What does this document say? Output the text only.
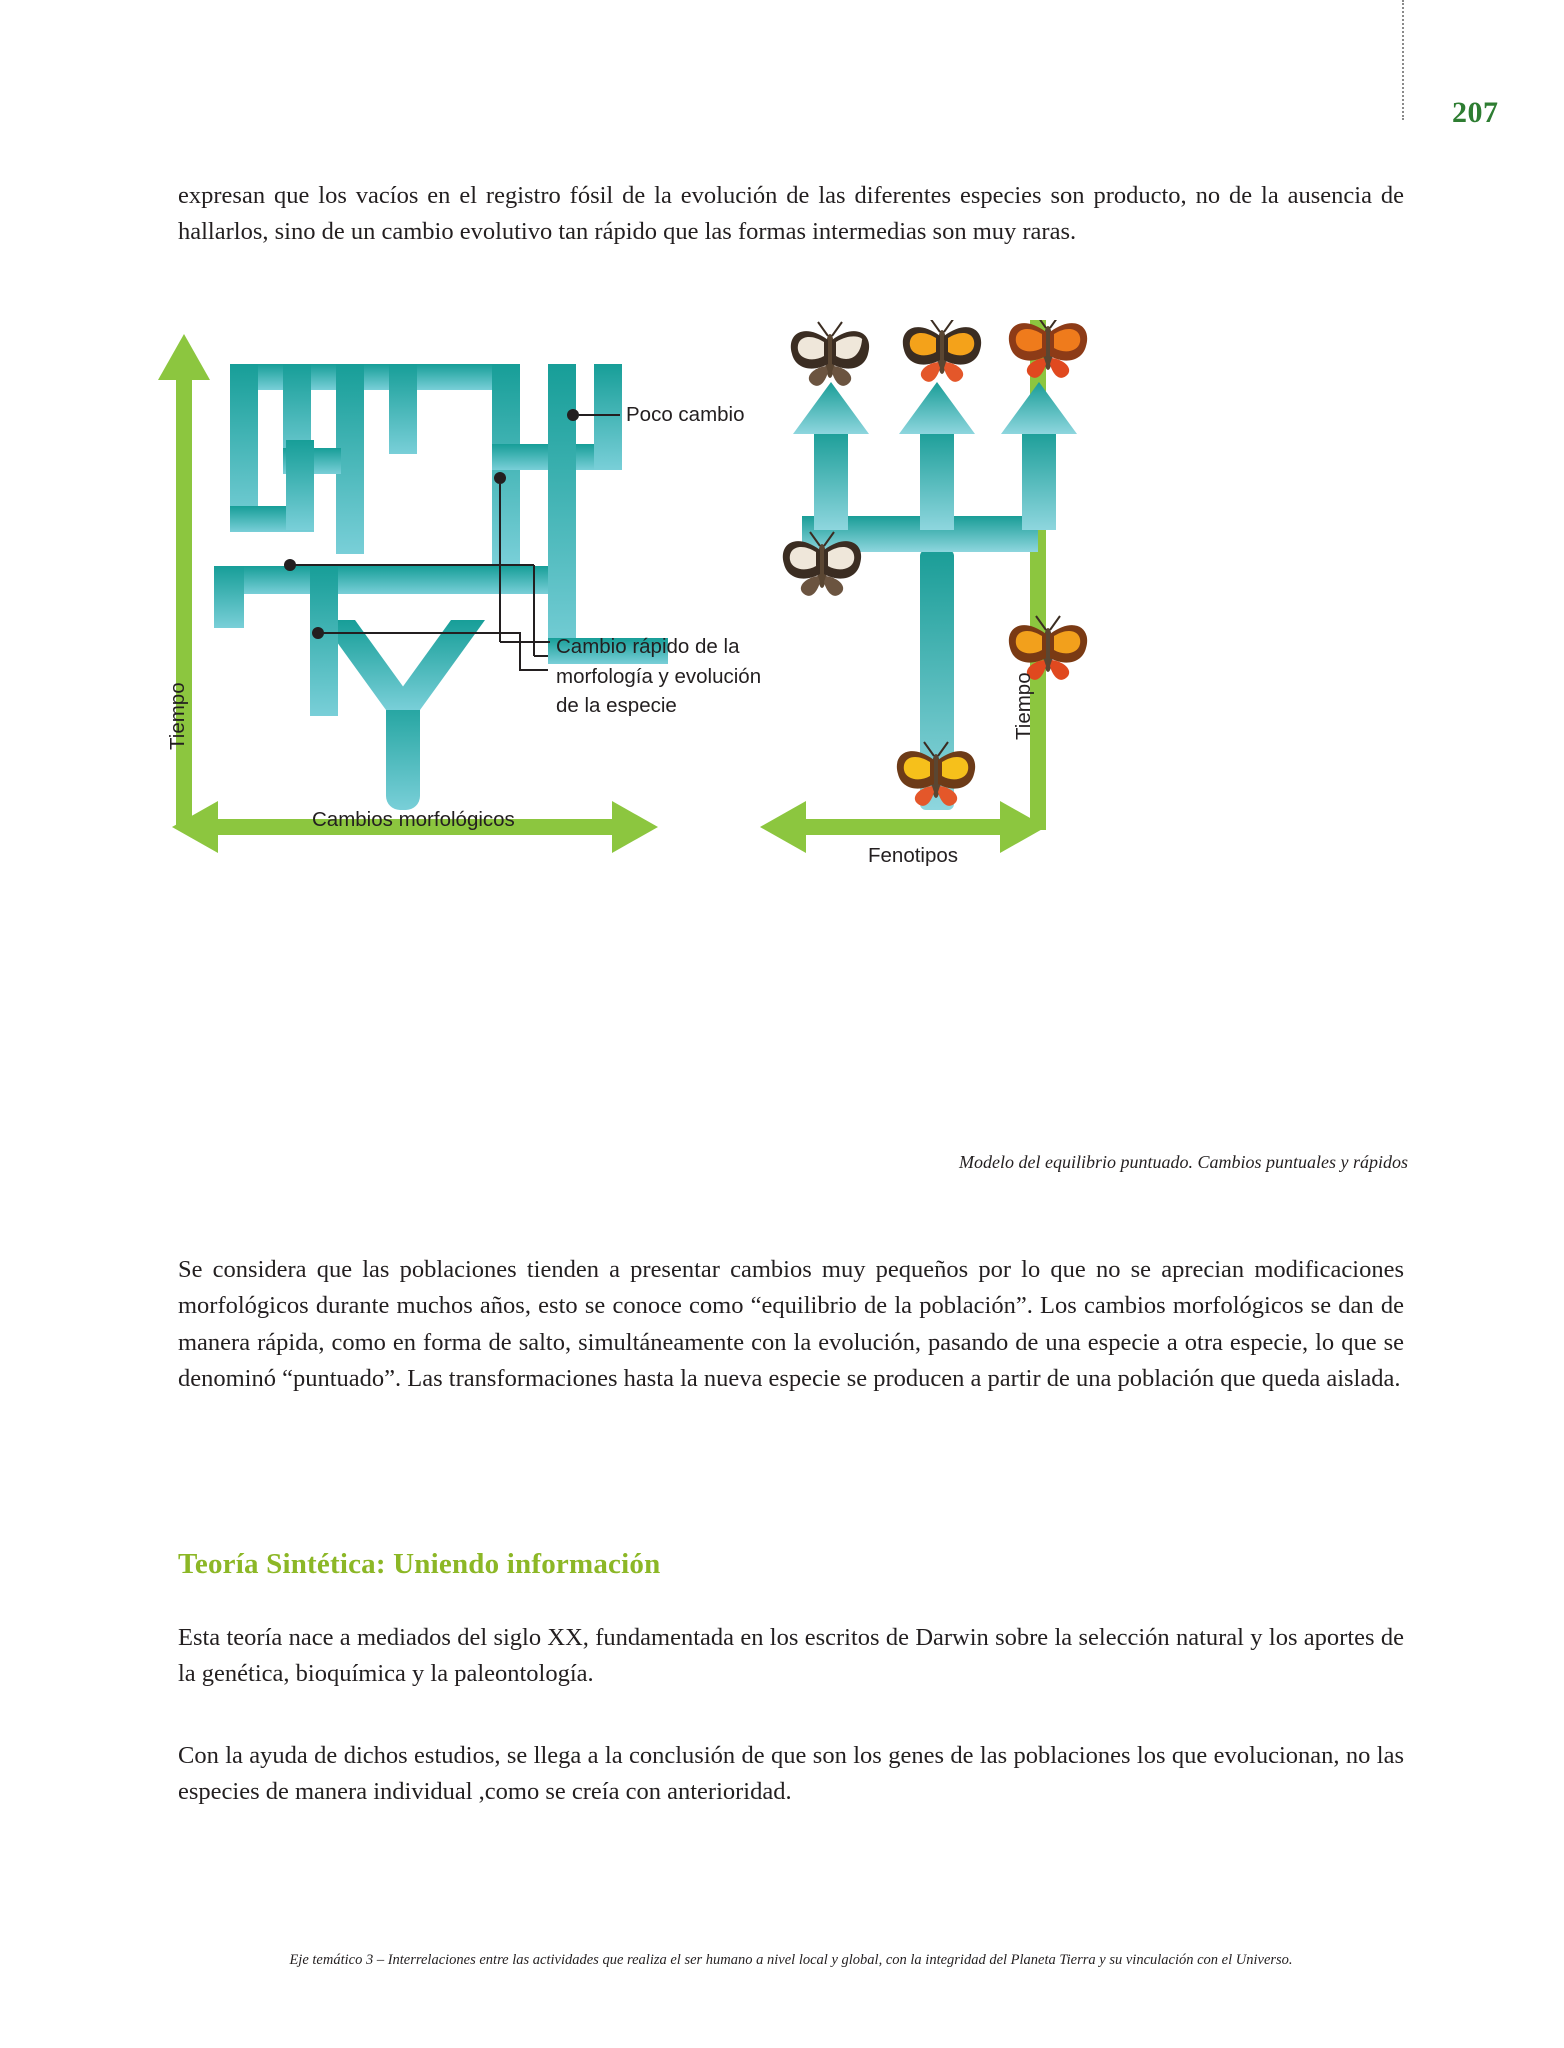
207
expresan que los vacíos en el registro fósil de la evolución de las diferentes especies son producto, no de la ausencia de hallarlos, sino de un cambio evolutivo tan rápido que las formas intermedias son muy raras.
Tiempo
Cambios morfológicos
Poco cambio
Cambio rápido de la morfología y evolución de la especie	Tiempo
Fenotipos
Modelo del equilibrio puntuado. Cambios puntuales y rápidos
Se considera que las poblaciones tienden a presentar cambios muy pequeños por lo que no se aprecian modificaciones morfológicos durante muchos años, esto se conoce como “equilibrio de la población”. Los cambios morfológicos se dan de manera rápida, como en forma de salto, simultáneamente con la evolución, pasando de una especie a otra especie, lo que se denominó “puntuado”. Las transformaciones hasta la nueva especie se producen a partir de una población que queda aislada.
Teoría Sintética: Uniendo información
Esta teoría nace a mediados del siglo XX, fundamentada en los escritos de Darwin sobre la selección natural y los aportes de la genética, bioquímica y la paleontología.
Con la ayuda de dichos estudios, se llega a la conclusión de que son los genes de las poblaciones los que evolucionan, no las especies de manera individual ,como se creía con anterioridad.
Eje temático 3 – Interrelaciones entre las actividades que realiza el ser humano a nivel local y global, con la integridad del Planeta Tierra y su vinculación con el Universo.
